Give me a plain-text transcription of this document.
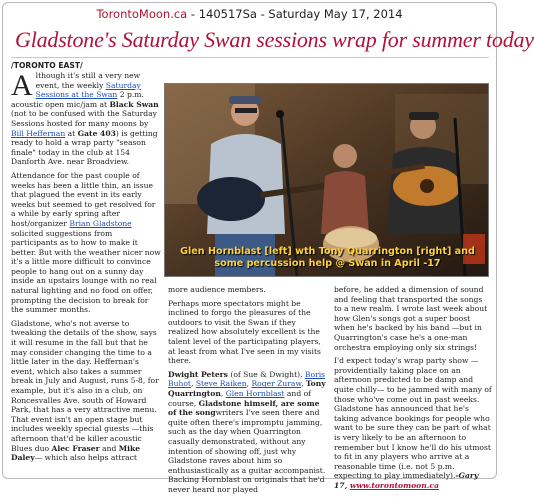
TorontoMoon.ca - 140517Sa - Saturday May 17, 2014
Gladstone's Saturday Swan sessions wrap for summer today
/TORONTO EAST/

Although it's still a very new event, the weekly Saturday Sessions at the Swan 2 p.m. acoustic open mic/jam at Black Swan (not to be confused with the Saturday Sessions hosted for many moons by Bill Heffernan at Gate 403) is getting ready to hold a wrap party "season finale" today in the club at 154 Danforth Ave. near Broadview.

Attendance for the past couple of weeks has been a little thin, an issue that plagued the event in its early weeks but seemed to get resolved for a while by early spring after host/organizer Brian Gladstone solicited suggestions from participants as to how to make it better. But with the weather nicer now it's a little more difficult to convince people to hang out on a sunny day inside an upstairs lounge with no real natural lighting and no food on offer, prompting the decision to break for the summer months.

Gladstone, who's not averse to tweaking the details of the show, says it will resume in the fall but that he may consider changing the time to a little later in the day. Heffernan's event, which also takes a summer break in July and August, runs 5-8, for example, but it's also in a club, on Roncesvalles Ave. south of Howard Park, that has a very attractive menu. That event isn't an open stage but includes weekly special guests —this afternoon that'd be killer acoustic Blues duo Alec Fraser and Mike Daley— which also helps attract

Glen Hornblast [left] wth Tony Quarrington [right] and some percussion help @ Swan in April -17

more audience members.

Perhaps more spectators might be inclined to forgo the pleasures of the outdoors to visit the Swan if they realized how absolutely excellent is the talent level of the participating players, at least from what I've seen in my visits there.

Dwight Peters (of Sue & Dwight), Boris Buhot, Steve Raiken, Roger Zuraw, Tony Quarrington, Glen Hornblast and of course, Gladstone himself, are some of the songwriters I've seen there and quite often there's impromptu jamming, such as the day when Quarrington casually demonstrated, without any intention of showing off, just why Gladstone raves about him so enthusiastically as a guitar accompanist. Backing Hornblast on originals that he'd never heard nor played

before, he added a dimension of sound and feeling that transported the songs to a new realm. I wrote last week about how Glen's songs got a super boost when he's backed by his band —but in Quarrington's case he's a one-man orchestra employing only six strings!

I'd expect today's wrap party show —providentially taking place on an afternoon predicted to be damp and quite chilly— to be jammed with many of those who've come out in past weeks. Gladstone has announced that he's taking advance bookings for people who want to be sure they can be part of what is very likely to be an afternoon to remember but I know he'll do his utmost to fit in any players who arrive at a reasonable time (i.e. not 5 p.m. expecting to play immediately).-Gary 17, www.torontomoon.ca
